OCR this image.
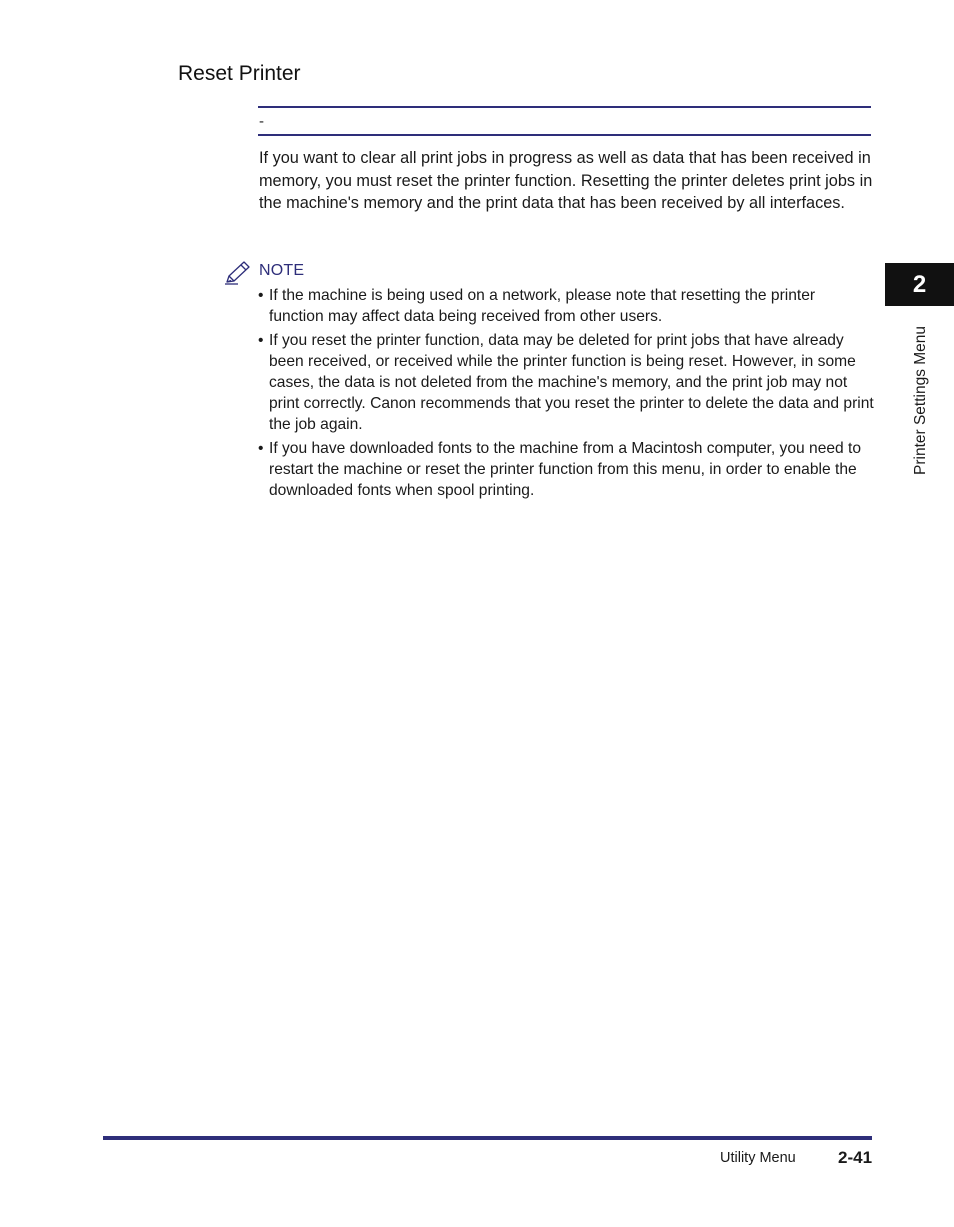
Reset Printer
-

If you want to clear all print jobs in progress as well as data that has been received in memory, you must reset the printer function. Resetting the printer deletes print jobs in the machine's memory and the print data that has been received by all interfaces.

NOTE
• If the machine is being used on a network, please note that resetting the printer function may affect data being received from other users.
• If you reset the printer function, data may be deleted for print jobs that have already been received, or received while the printer function is being reset. However, in some cases, the data is not deleted from the machine's memory, and the print job may not print correctly. Canon recommends that you reset the printer to delete the data and print the job again.
• If you have downloaded fonts to the machine from a Macintosh computer, you need to restart the machine or reset the printer function from this menu, in order to enable the downloaded fonts when spool printing.
2
Printer Settings Menu
Utility Menu 2-41
